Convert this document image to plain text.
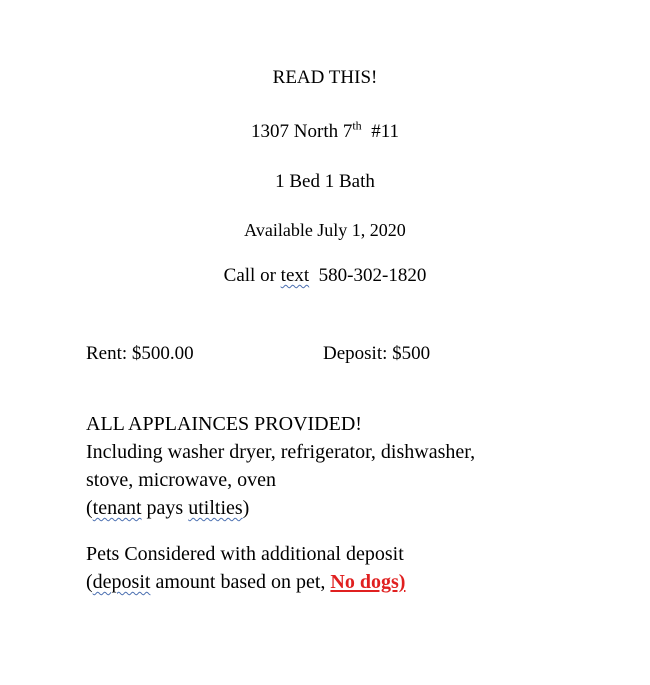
READ THIS!
1307 North 7th #11
1 Bed 1 Bath
Available July 1, 2020
Call or text 580-302-1820
Rent: $500.00	Deposit: $500
ALL APPLAINCES PROVIDED!
Including washer dryer, refrigerator, dishwasher,
stove, microwave, oven
(tenant pays utilties)
Pets Considered with additional deposit
(deposit amount based on pet, No dogs)
